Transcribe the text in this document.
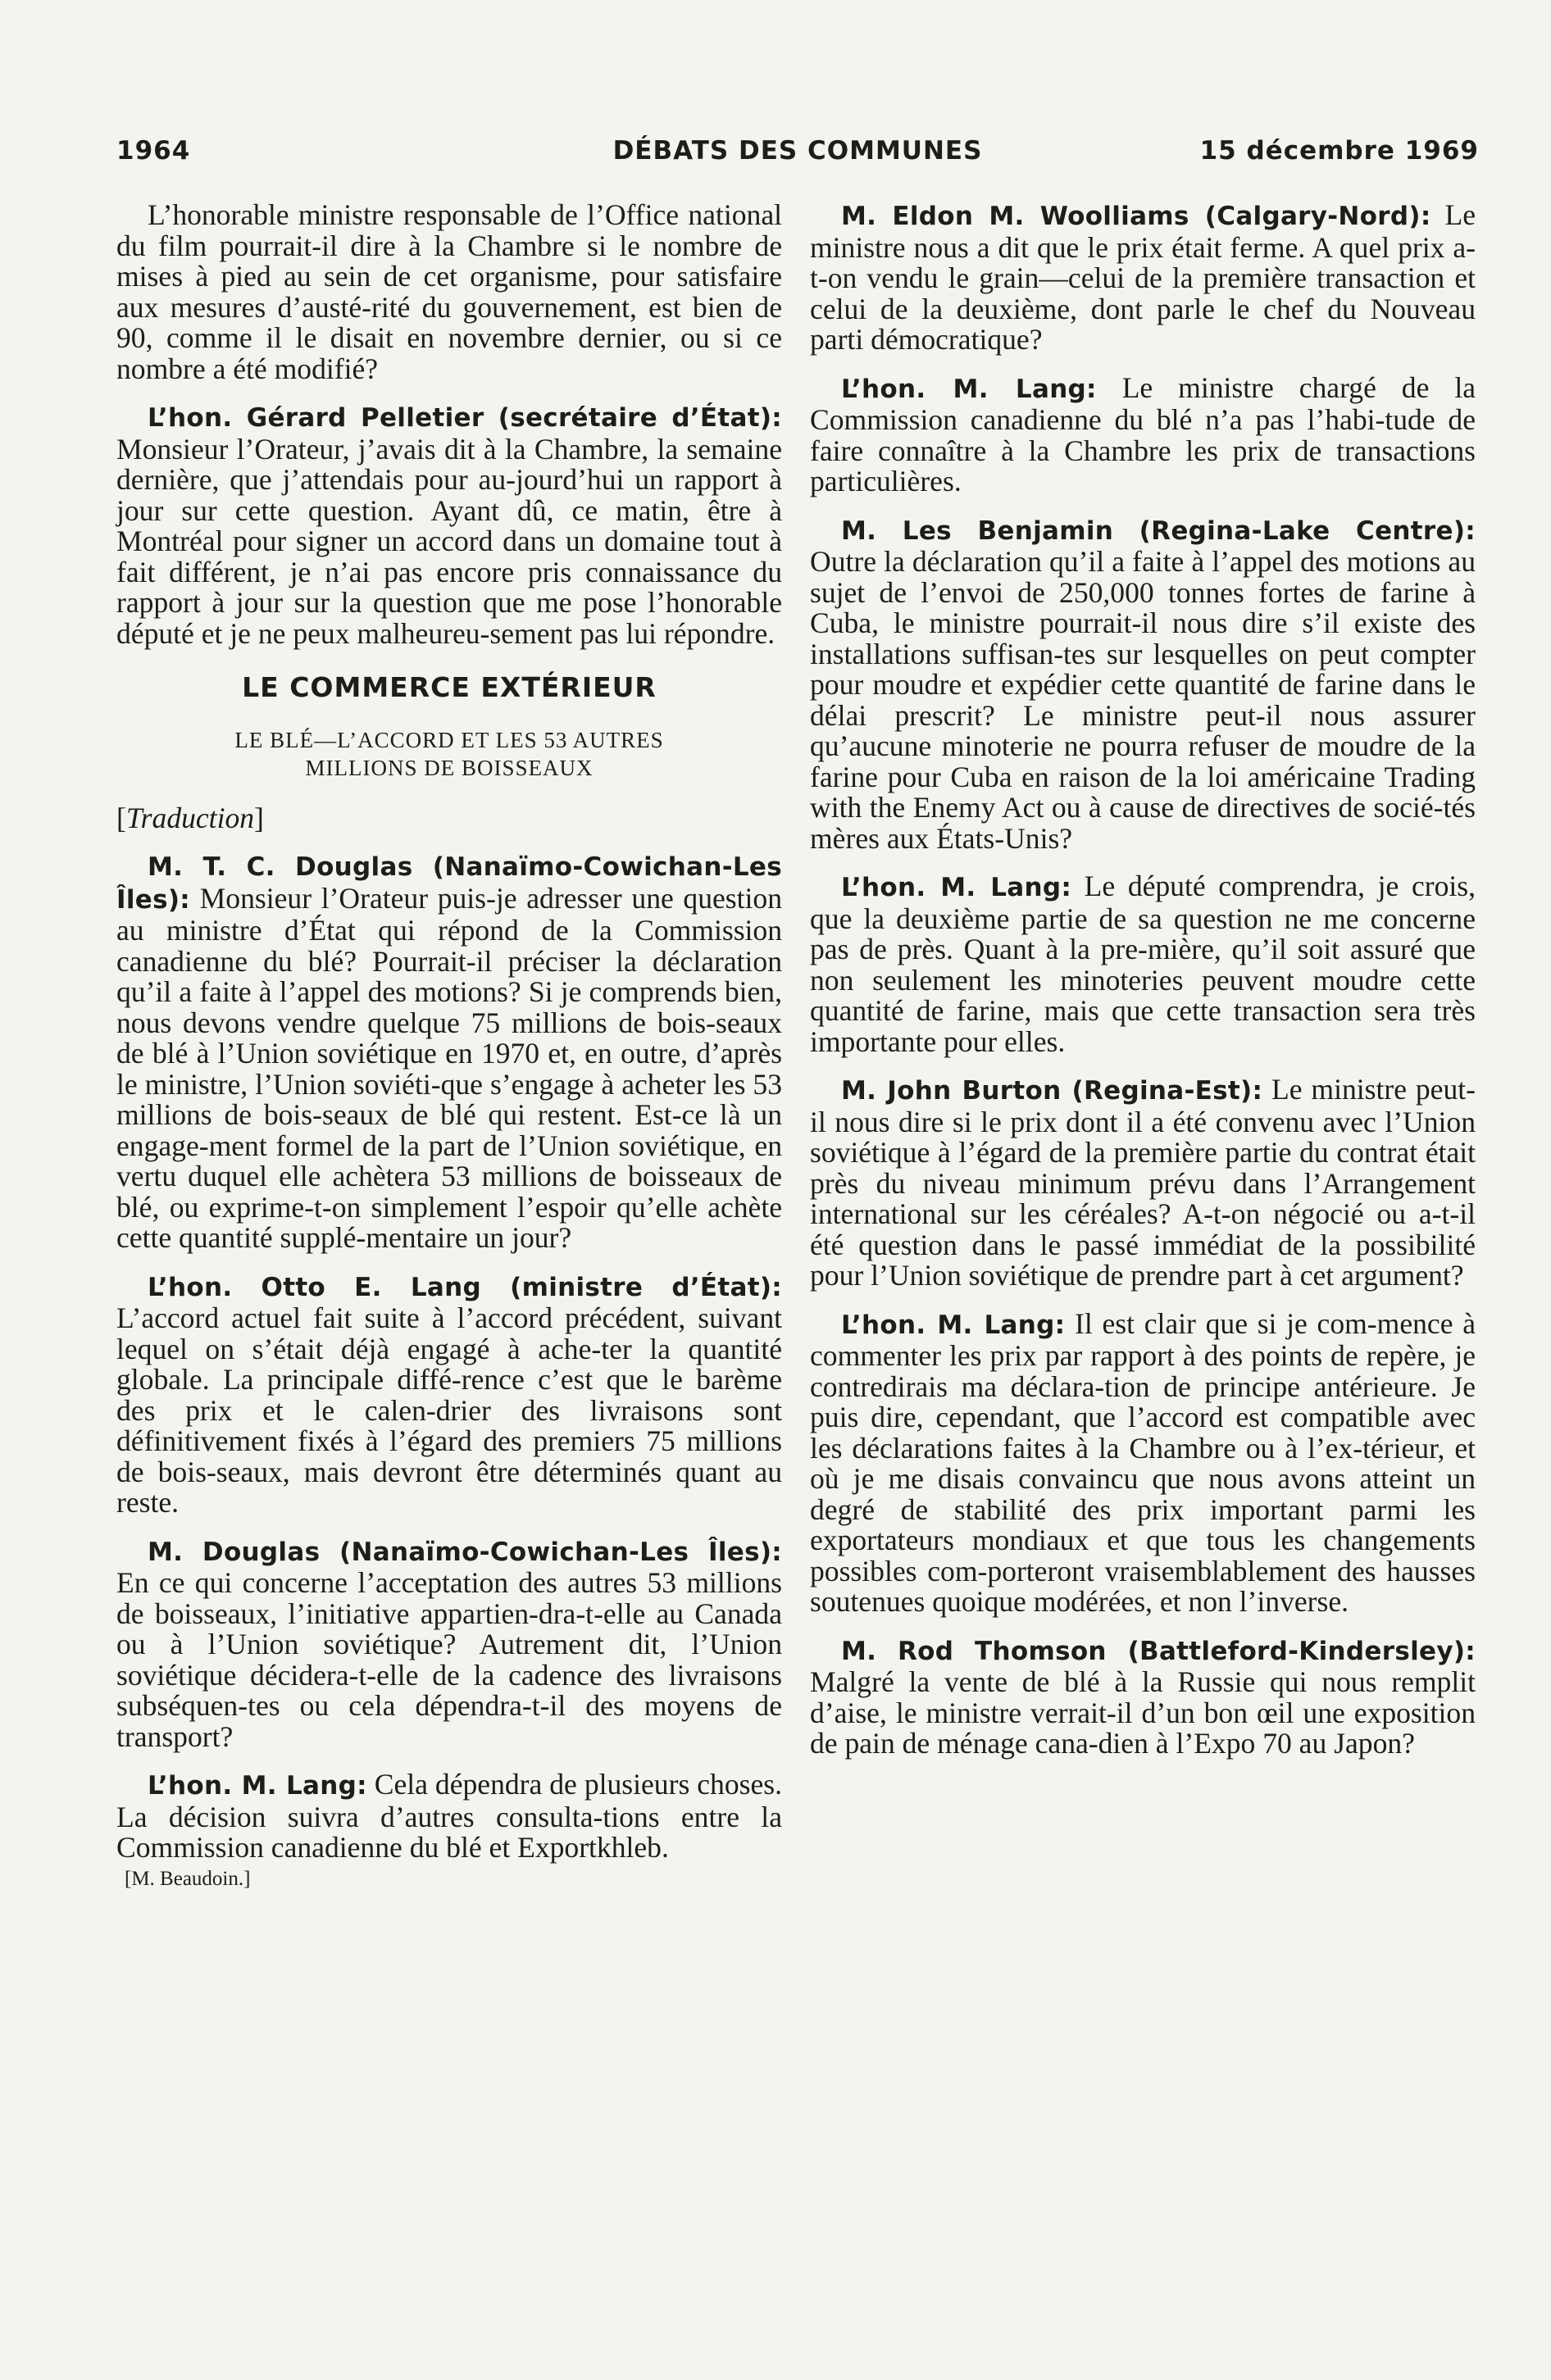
1964	DÉBATS DES COMMUNES	15 décembre 1969

L’honorable ministre responsable de l’Office national du film pourrait-il dire à la Chambre si le nombre de mises à pied au sein de cet organisme, pour satisfaire aux mesures d’austé-rité du gouvernement, est bien de 90, comme il le disait en novembre dernier, ou si ce nombre a été modifié?

L’hon. Gérard Pelletier (secrétaire d’État): Monsieur l’Orateur, j’avais dit à la Chambre, la semaine dernière, que j’attendais pour au-jourd’hui un rapport à jour sur cette question. Ayant dû, ce matin, être à Montréal pour signer un accord dans un domaine tout à fait différent, je n’ai pas encore pris connaissance du rapport à jour sur la question que me pose l’honorable député et je ne peux malheureu-sement pas lui répondre.

LE COMMERCE EXTÉRIEUR
LE BLÉ—L’ACCORD ET LES 53 AUTRES
MILLIONS DE BOISSEAUX

[Traduction]

M. T. C. Douglas (Nanaïmo-Cowichan-Les Îles): Monsieur l’Orateur puis-je adresser une question au ministre d’État qui répond de la Commission canadienne du blé? Pourrait-il préciser la déclaration qu’il a faite à l’appel des motions? Si je comprends bien, nous devons vendre quelque 75 millions de bois-seaux de blé à l’Union soviétique en 1970 et, en outre, d’après le ministre, l’Union soviéti-que s’engage à acheter les 53 millions de bois-seaux de blé qui restent. Est-ce là un engage-ment formel de la part de l’Union soviétique, en vertu duquel elle achètera 53 millions de boisseaux de blé, ou exprime-t-on simplement l’espoir qu’elle achète cette quantité supplé-mentaire un jour?

L’hon. Otto E. Lang (ministre d’État): L’accord actuel fait suite à l’accord précédent, suivant lequel on s’était déjà engagé à ache-ter la quantité globale. La principale diffé-rence c’est que le barème des prix et le calen-drier des livraisons sont définitivement fixés à l’égard des premiers 75 millions de bois-seaux, mais devront être déterminés quant au reste.

M. Douglas (Nanaïmo-Cowichan-Les Îles): En ce qui concerne l’acceptation des autres 53 millions de boisseaux, l’initiative appartien-dra-t-elle au Canada ou à l’Union soviétique? Autrement dit, l’Union soviétique décidera-t-elle de la cadence des livraisons subséquen-tes ou cela dépendra-t-il des moyens de transport?

L’hon. M. Lang: Cela dépendra de plusieurs choses. La décision suivra d’autres consulta-tions entre la Commission canadienne du blé et Exportkhleb.

[M. Beaudoin.]

M. Eldon M. Woolliams (Calgary-Nord): Le ministre nous a dit que le prix était ferme. A quel prix a-t-on vendu le grain—celui de la première transaction et celui de la deuxième, dont parle le chef du Nouveau parti démocratique?

L’hon. M. Lang: Le ministre chargé de la Commission canadienne du blé n’a pas l’habi-tude de faire connaître à la Chambre les prix de transactions particulières.

M. Les Benjamin (Regina-Lake Centre): Outre la déclaration qu’il a faite à l’appel des motions au sujet de l’envoi de 250,000 tonnes fortes de farine à Cuba, le ministre pourrait-il nous dire s’il existe des installations suffisan-tes sur lesquelles on peut compter pour moudre et expédier cette quantité de farine dans le délai prescrit? Le ministre peut-il nous assurer qu’aucune minoterie ne pourra refuser de moudre de la farine pour Cuba en raison de la loi américaine Trading with the Enemy Act ou à cause de directives de socié-tés mères aux États-Unis?

L’hon. M. Lang: Le député comprendra, je crois, que la deuxième partie de sa question ne me concerne pas de près. Quant à la pre-mière, qu’il soit assuré que non seulement les minoteries peuvent moudre cette quantité de farine, mais que cette transaction sera très importante pour elles.

M. John Burton (Regina-Est): Le ministre peut-il nous dire si le prix dont il a été convenu avec l’Union soviétique à l’égard de la première partie du contrat était près du niveau minimum prévu dans l’Arrangement international sur les céréales? A-t-on négocié ou a-t-il été question dans le passé immédiat de la possibilité pour l’Union soviétique de prendre part à cet argument?

L’hon. M. Lang: Il est clair que si je com-mence à commenter les prix par rapport à des points de repère, je contredirais ma déclara-tion de principe antérieure. Je puis dire, cependant, que l’accord est compatible avec les déclarations faites à la Chambre ou à l’ex-térieur, et où je me disais convaincu que nous avons atteint un degré de stabilité des prix important parmi les exportateurs mondiaux et que tous les changements possibles com-porteront vraisemblablement des hausses soutenues quoique modérées, et non l’inverse.

M. Rod Thomson (Battleford-Kindersley): Malgré la vente de blé à la Russie qui nous remplit d’aise, le ministre verrait-il d’un bon œil une exposition de pain de ménage cana-dien à l’Expo 70 au Japon?
